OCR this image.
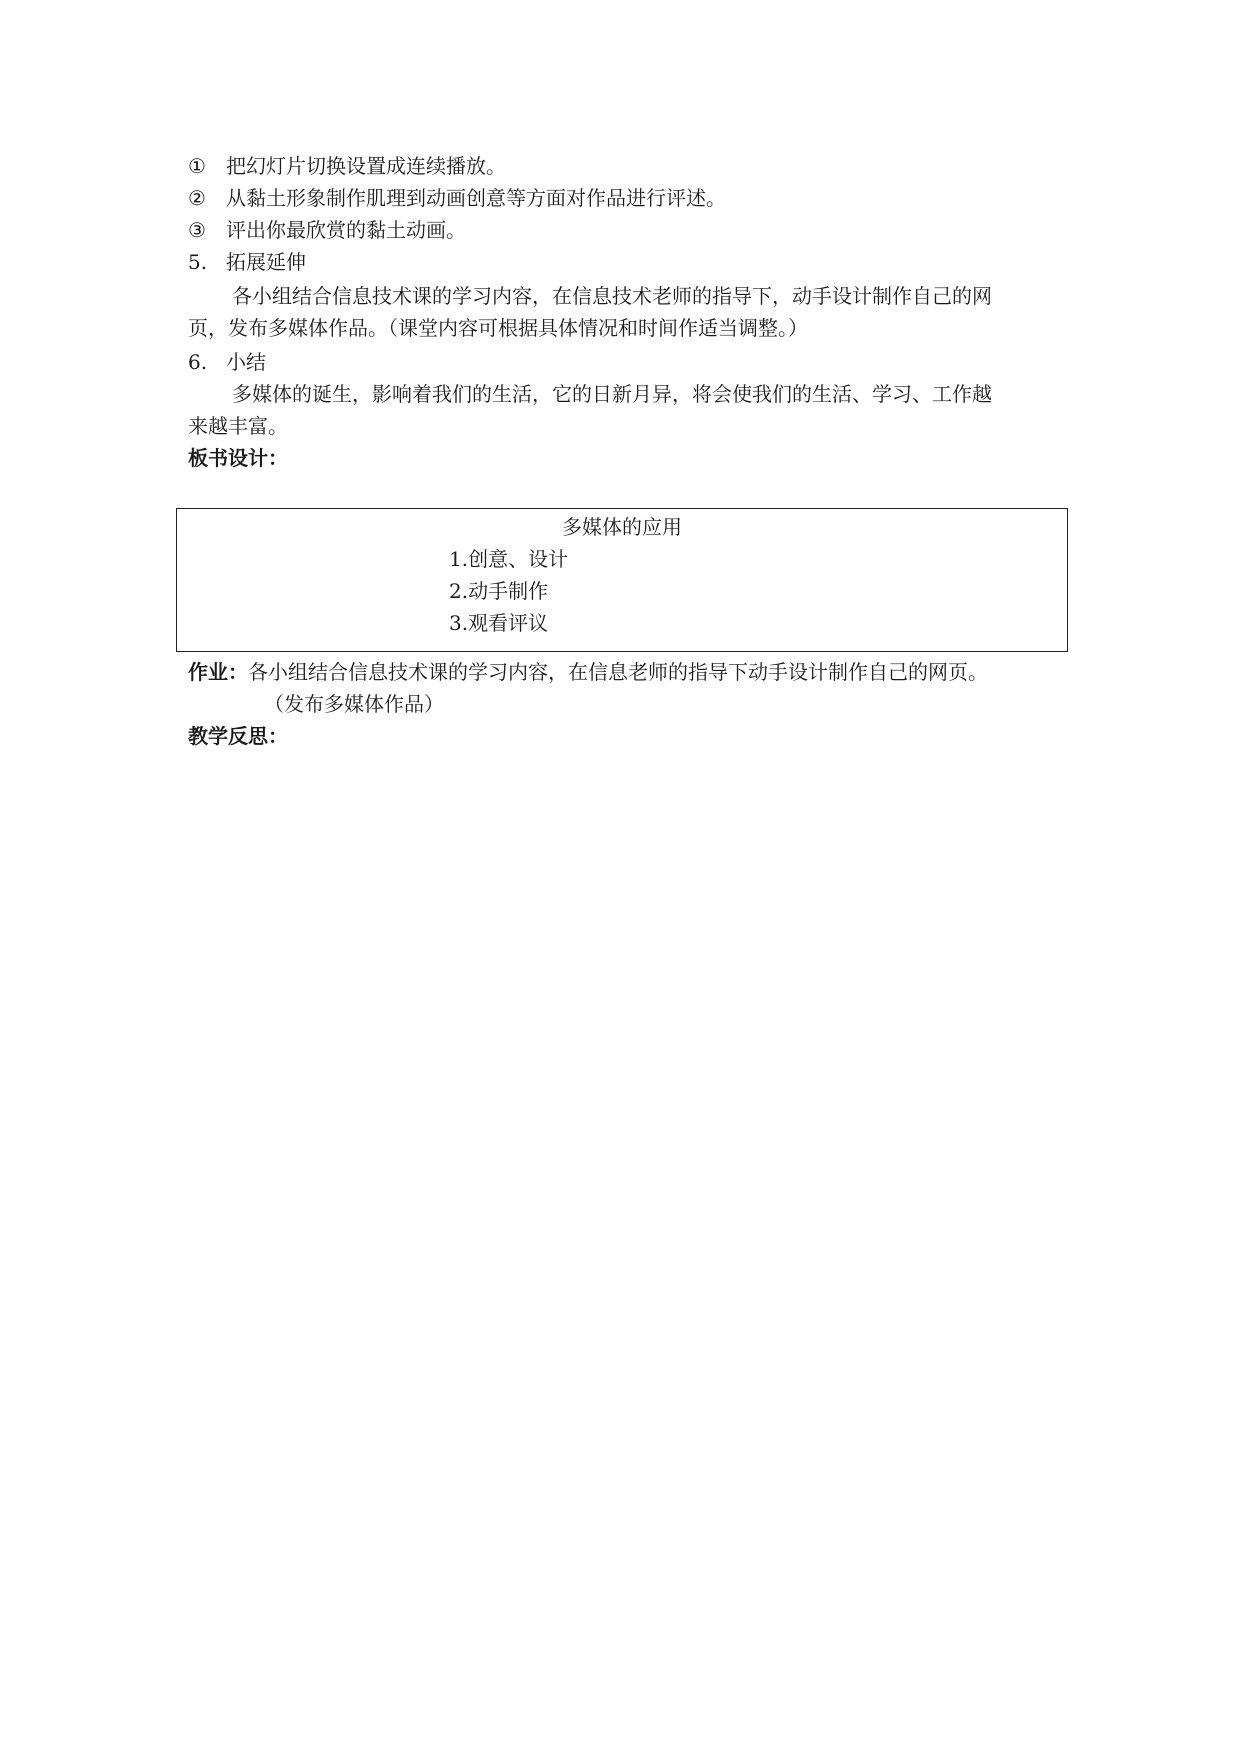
① 把幻灯片切换设置成连续播放。
② 从黏土形象制作肌理到动画创意等方面对作品进行评述。
③ 评出你最欣赏的黏土动画。
5. 拓展延伸
各小组结合信息技术课的学习内容，在信息技术老师的指导下，动手设计制作自己的网
页，发布多媒体作品。（课堂内容可根据具体情况和时间作适当调整。）
6. 小结
多媒体的诞生，影响着我们的生活，它的日新月异，将会使我们的生活、学习、工作越
来越丰富。
板书设计：
多媒体的应用
1.创意、设计
2.动手制作
3.观看评议
作业：各小组结合信息技术课的学习内容，在信息老师的指导下动手设计制作自己的网页。
（发布多媒体作品）
教学反思：
